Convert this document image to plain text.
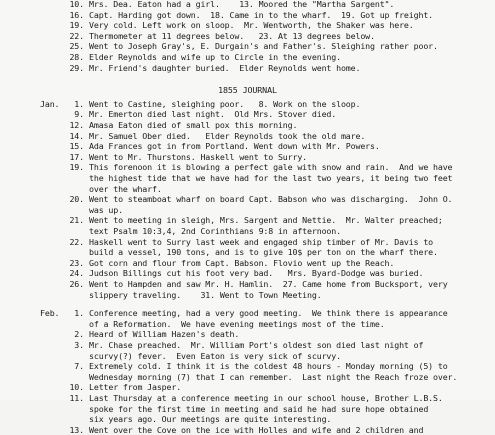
10. Mrs. Dea. Eaton had a girl.    13. Moored the "Martha Sargent".
16. Capt. Harding got down.  18. Came in to the wharf.  19. Got up freight.
19. Very cold. Left work on sloop.  Mr. Wentworth, the Shaker was here.
22. Thermometer at 11 degrees below.   23. At 13 degrees below.
25. Went to Joseph Gray's, E. Durgain's and Father's. Sleighing rather poor.
28. Elder Reynolds and wife up to Circle in the evening.
29. Mr. Friend's daughter buried.  Elder Reynolds went home.
1855 JOURNAL
Jan.	1. Went to Castine, sleighing poor.   8. Work on the sloop.
9. Mr. Emerton died last night.  Old Mrs. Stover died.
12. Amasa Eaton died of small pox this morning.
14. Mr. Samuel Ober died.   Elder Reynolds took the old mare.
15. Ada Frances got in from Portland. Went down with Mr. Powers.
17. Went to Mr. Thurstons. Haskell went to Surry.
19. This forenoon it is blowing a perfect gale with snow and rain.  And we have
the highest tide that we have had for the last two years, it being two feet
over the wharf.
20. Went to steamboat wharf on board Capt. Babson who was discharging.  John O.
was up.
21. Went to meeting in sleigh, Mrs. Sargent and Nettie.  Mr. Walter preached;
text Psalm 10:3,4, 2nd Corinthians 9:8 in afternoon.
22. Haskell went to Surry last week and engaged ship timber of Mr. Davis to
build a vessel, 190 tons, and is to give 10$ per ton on the wharf there.
23. Got corn and flour from Capt. Babson. Flovio went up the Reach.
24. Judson Billings cut his foot very bad.   Mrs. Byard-Dodge was buried.
26. Went to Hampden and saw Mr. H. Hamlin.  27. Came home from Bucksport, very
slippery traveling.    31. Went to Town Meeting.
Feb.	1. Conference meeting, had a very good meeting.  We think there is appearance
of a Reformation.  We have evening meetings most of the time.
2. Heard of William Hazen's death.
3. Mr. Chase preached.  Mr. William Port's oldest son died last night of
scurvy(?) fever.  Even Eaton is very sick of scurvy.
7. Extremely cold. I think it is the coldest 48 hours - Monday morning (5) to
Wednesday morning (7) that I can remember.  Last night the Reach froze over.
10. Letter from Jasper.
11. Last Thursday at a conference meeting in our school house, Brother L.B.S.
spoke for the first time in meeting and said he had sure hope obtained
six years ago. Our meetings are quite interesting.
13. Went over the Cove on the ice with Holles and wife and 2 children and
